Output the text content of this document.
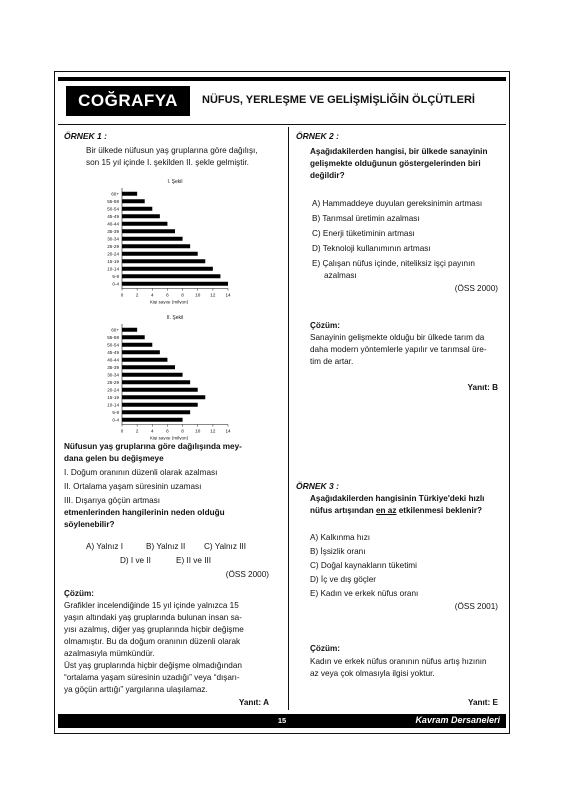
COĞRAFYA	NÜFUS, YERLEŞME VE GELİŞMİŞLİĞİN ÖLÇÜTLERİ
ÖRNEK 1 :
Bir ülkede nüfusun yaş gruplarına göre dağılışı,
son 15 yıl içinde I. şekilden II. şekle gelmiştir.
I. Şekil
60+
55-59
50-54
45-49
40-44
35-39
30-34
25-29
20-24
15-19
10-14
5-9
0-4
0	2	4	6	8 10 12 14
Kişi sayısı (milyon)
II. Şekil
60+
55-59
50-54
45-49
40-44
35-39
30-34
25-29
20-24
15-19
10-14
5-9
0-4
0	2	4	6	8 10 12 14
Kişi sayısı (milyon)
Nüfusun yaş gruplarına göre dağılışında mey-
dana gelen bu değişmeye
I. Doğum oranının düzenli olarak azalması
II. Ortalama yaşam süresinin uzaması
III. Dışarıya göçün artması
etmenlerinden hangilerinin neden olduğu
söylenebilir?
A) Yalnız I	B) Yalnız II C) Yalnız III
D) I ve II	E) II ve III
(ÖSS 2000)
Çözüm:
Grafikler incelendiğinde 15 yıl içinde yalnızca 15
yaşın altındaki yaş gruplarında bulunan insan sa-
yısı azalmış, diğer yaş gruplarında hiçbir değişme
olmamıştır. Bu da doğum oranının düzenli olarak
azalmasıyla mümkündür.
Üst yaş gruplarında hiçbir değişme olmadığından
“ortalama yaşam süresinin uzadığı” veya “dışarı-
ya göçün arttığı” yargılarına ulaşılamaz.
Yanıt: A
ÖRNEK 2 :
Aşağıdakilerden hangisi, bir ülkede sanayinin
gelişmekte olduğunun göstergelerinden biri
değildir?
A) Hammaddeye duyulan gereksinimin artması
B) Tarımsal üretimin azalması
C) Enerji tüketiminin artması
D) Teknoloji kullanımının artması
E) Çalışan nüfus içinde, niteliksiz işçi payının
azalması
(ÖSS 2000)
Çözüm:
Sanayinin gelişmekte olduğu bir ülkede tarım da
daha modern yöntemlerle yapılır ve tarımsal üre-
tim de artar.
Yanıt: B
ÖRNEK 3 :
Aşağıdakilerden hangisinin Türkiye'deki hızlı
nüfus artışından en az etkilenmesi beklenir?
A) Kalkınma hızı
B) İşsizlik oranı
C) Doğal kaynakların tüketimi
D) İç ve dış göçler
E) Kadın ve erkek nüfus oranı
(ÖSS 2001)
Çözüm:
Kadın ve erkek nüfus oranının nüfus artış hızının
az veya çok olmasıyla ilgisi yoktur.
Yanıt: E
15	Kavram Dersaneleri
